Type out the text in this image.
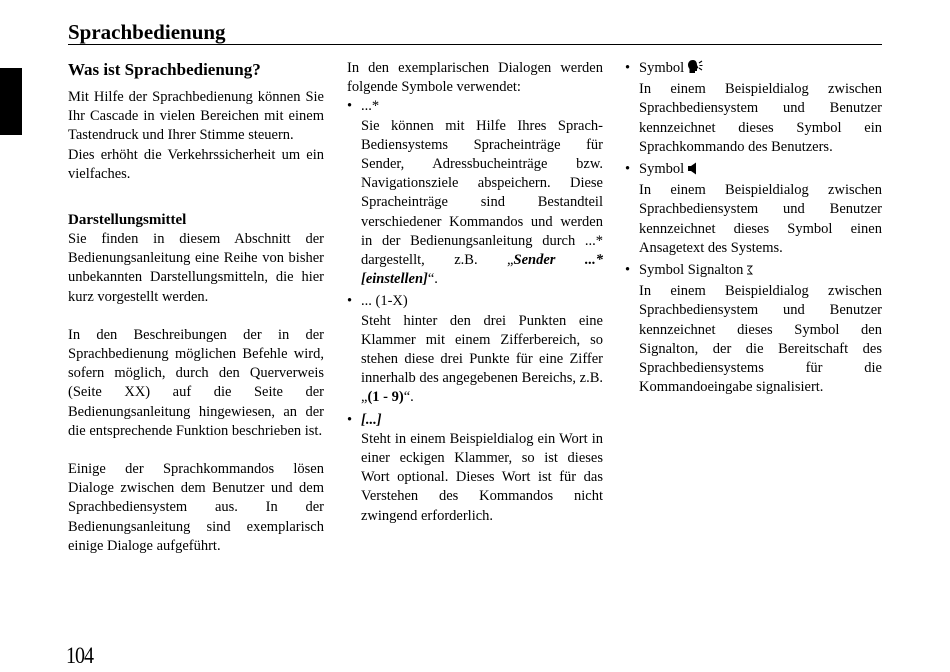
Sprachbedienung
Was ist Sprachbedienung?

Mit Hilfe der Sprachbedienung können Sie Ihr Cascade in vielen Bereichen mit einem Tastendruck und Ihrer Stimme steuern.

Dies erhöht die Verkehrssicherheit um ein vielfaches.

Darstellungsmittel

Sie finden in diesem Abschnitt der Bedienungsanleitung eine Reihe von bisher unbekannten Darstellungsmitteln, die hier kurz vorgestellt werden.

In den Beschreibungen der in der Sprachbedienung möglichen Befehle wird, sofern möglich, durch den Querverweis (Seite XX) auf die Seite der Bedienungsanleitung hingewiesen, an der die entsprechende Funktion beschrieben ist.

Einige der Sprachkommandos lösen Dialoge zwischen dem Benutzer und dem Sprachbediensystem aus. In der Bedienungsanleitung sind exemplarisch einige Dialoge aufgeführt.

In den exemplarischen Dialogen werden folgende Symbole verwendet:

• ...*
Sie können mit Hilfe Ihres Sprach-Bediensystems Spracheinträge für Sender, Adressbucheinträge bzw. Navigationsziele abspeichern. Diese Spracheinträge sind Bestandteil verschiedener Kommandos und werden in der Bedienungsanleitung durch ...* dargestellt, z.B. „Sender ...* [einstellen]“.
• ... (1-X)
Steht hinter den drei Punkten eine Klammer mit einem Zifferbereich, so stehen diese drei Punkte für eine Ziffer innerhalb des angegebenen Bereichs, z.B. „(1 - 9)“.
• [...]
Steht in einem Beispieldialog ein Wort in einer eckigen Klammer, so ist dieses Wort optional. Dieses Wort ist für das Verstehen des Kommandos nicht zwingend erforderlich.
• Symbol
In einem Beispieldialog zwischen Sprachbediensystem und Benutzer kennzeichnet dieses Symbol ein Sprachkommando des Benutzers.
• Symbol
In einem Beispieldialog zwischen Sprachbediensystem und Benutzer kennzeichnet dieses Symbol einen Ansagetext des Systems.
• Symbol Signalton
In einem Beispieldialog zwischen Sprachbediensystem und Benutzer kennzeichnet dieses Symbol den Signalton, der die Bereitschaft des Sprachbediensystems für die Kommandoeingabe signalisiert.
104
